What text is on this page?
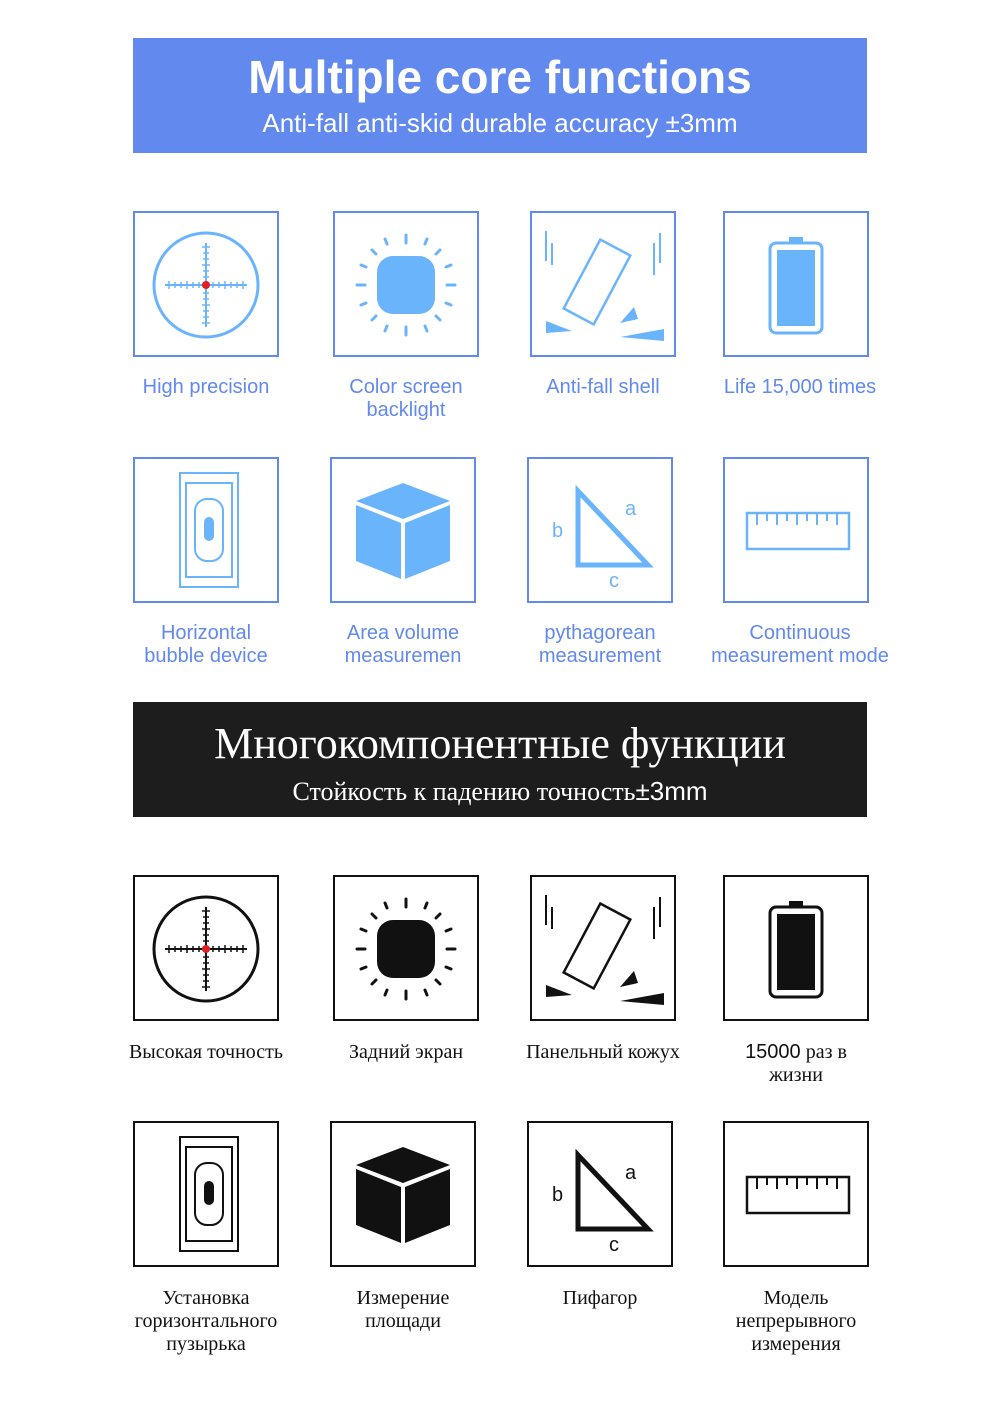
Multiple core functions
Anti-fall anti-skid durable accuracy ±3mm
a
b
c
High precision	Color screen
backlight
Anti-fall shell	Life 15,000 times
Horizontal
bubble device
Area volume
measuremen
pythagorean
measurement
Continuous
measurement mode
Многокомпонентные функции
Стойкость к падению точность±3mm
a
b
c
Высокая точность	Задний экран	Панельный кожух	15000 раз в
жизни
Установка
горизонтального
пузырька
Измерение
площади
Пифагор	Модель
непрерывного
измерения
